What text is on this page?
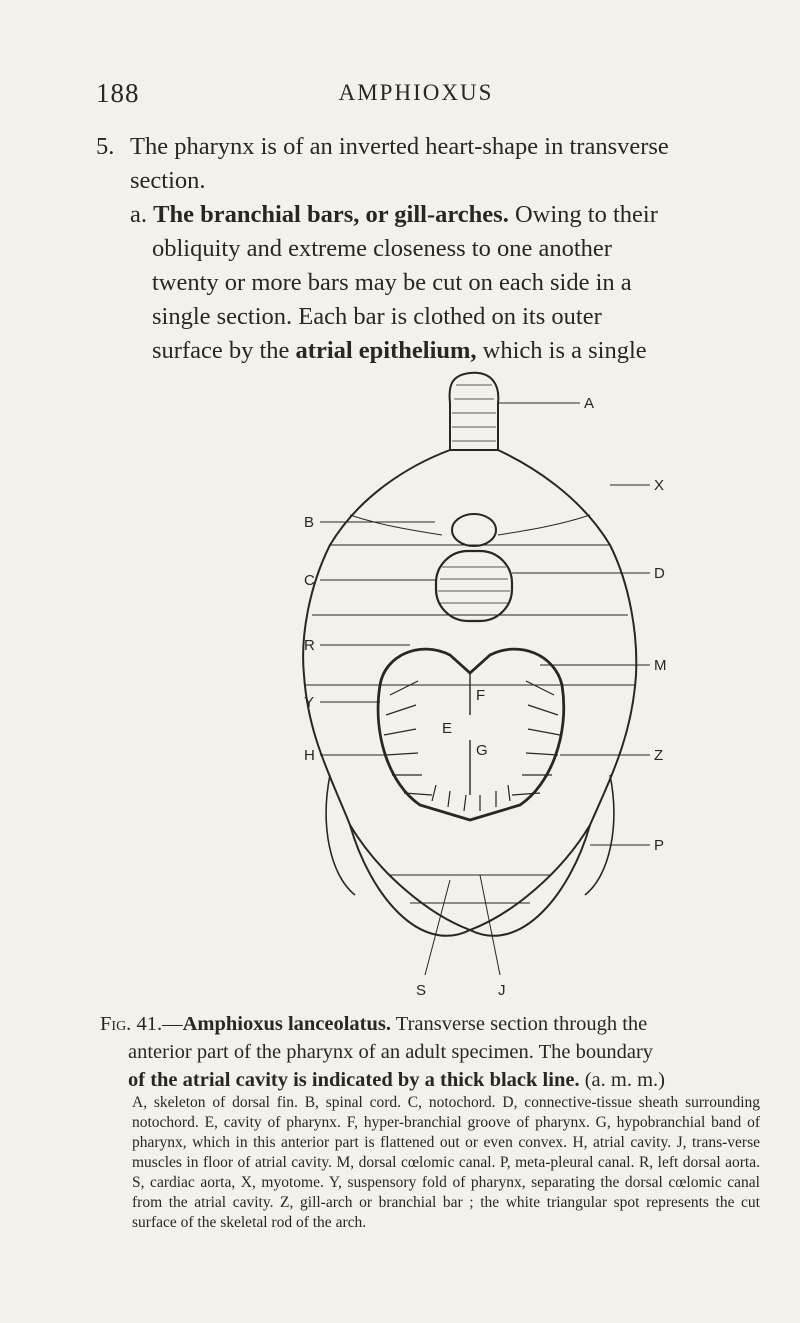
188	AMPHIOXUS
5. The pharynx is of an inverted heart-shape in transverse
section.
a. The branchial bars, or gill-arches. Owing to their
obliquity and extreme closeness to one another
twenty or more bars may be cut on each side in a
single section. Each bar is clothed on its outer
surface by the atrial epithelium, which is a single
A
X
B
C	D
R
M
Y
H	Z
P
S	J
F
E
G
Fig. 41.—Amphioxus lanceolatus. Transverse section through the
anterior part of the pharynx of an adult specimen. The boundary
of the atrial cavity is indicated by a thick black line. (a. m. m.)
A, skeleton of dorsal fin. B, spinal cord. C, notochord. D, connective-tissue sheath surrounding notochord. E, cavity of pharynx. F, hyper-branchial groove of pharynx. G, hypobranchial band of pharynx, which in this anterior part is flattened out or even convex. H, atrial cavity. J, trans-verse muscles in floor of atrial cavity. M, dorsal cœlomic canal. P, meta-pleural canal. R, left dorsal aorta. S, cardiac aorta, X, myotome. Y, suspensory fold of pharynx, separating the dorsal cœlomic canal from the atrial cavity. Z, gill-arch or branchial bar ; the white triangular spot represents the cut surface of the skeletal rod of the arch.
